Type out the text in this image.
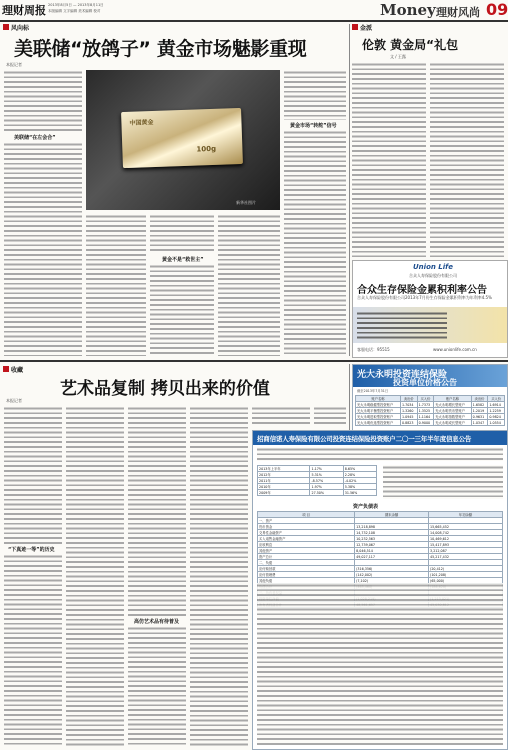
理财周报 2013年8月5日 — 2013年8月11日
本版编辑 文字编辑 美术编辑 校对	Money 理财风尚 09
风向标
美联储“放鸽子” 黄金市场魅影重现
本报记者
美联储“在左会合”
中国黄金
100g
新华社图片
黄金不是“救世主”
黄金市场“转舵”信号
金派
伦敦 黄金局“礼包
文 / 王露
Union Life
合众人寿保险股份有限公司
合众生存保险金累积利率公告
合众人寿保险股份有限公司2013年7月份生存保险金累积利率为年利率4.5%
客服电话：95515	www.unionlife.com.cn
收藏
艺术品复制 拷贝出来的价值
本报记者
“下真迹一等”的历史
高仿艺术品有待普及
光大永明投资连结保险
投资单位价格公告
截至2013年7月31日
账户名称	卖出价	买入价	账户名称	卖出价	买入价
光大永明稳健型投资账户	1.7034	1.7373	光大永明增长型账户	1.6582	1.6914
光大永明平衡型投资账户	1.3260	1.3525	光大永明货币型账户	1.2019	1.2259
光大永明进取型投资账户	1.0945	1.1164	光大永明指数型账户	0.9631	0.9824
光大永明优选型投资账户	0.8823	0.9000	光大永明成长型账户	1.0347	1.0554
招商信诺人寿保险有限公司投资连结保险投资账户二〇一三年半年度信息公告
2013年上半年	1.17%	8.65%
2012年	5.31%	2.28%
2011年	-8.57%	-4.02%
2010年	1.97%	5.38%
2009年	27.50%	31.56%
资产负债表
项 目	期末余额	年初余额
一、资产		
货币资金	13,218,898	15,665,452
交易性金融资产	14,732,108	14,008,742
买入返售金融资产	10,232,563	10,469,612
应收利息	12,739,067	15,417,893
其他资产	8,046,514	3,212,087
资产总计	49,027,117	45,217,432
二、负债		
应付赎回款	(316,356)	(20,412)
应付管理费	(142,002)	(101,208)
其他负债	(7,102)	(65,000)
